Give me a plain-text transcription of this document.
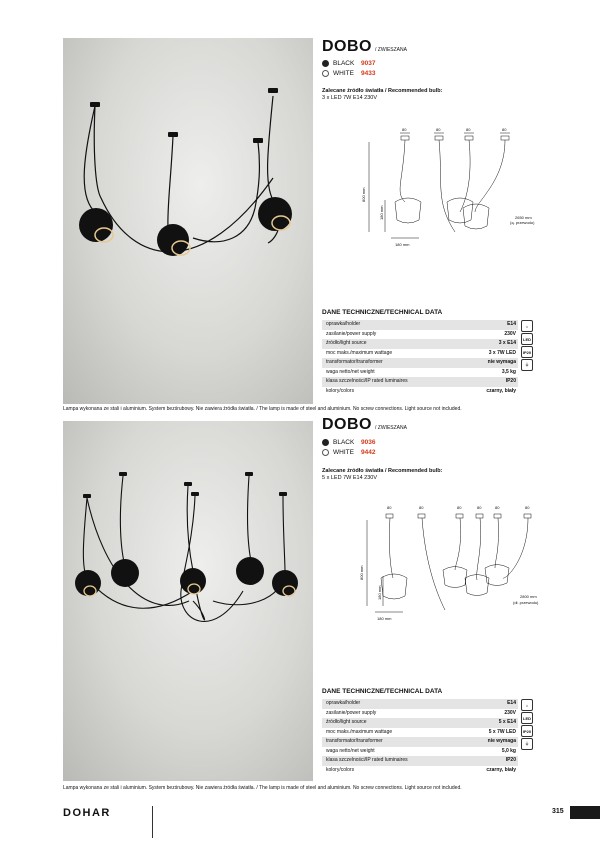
DOBO / ZWIESZANA
BLACK	9037
WHITE	9433
Zalecane źródło światła / Recommended bulb:
3 x LED 7W E14 230V
80	80	80	80
800 mm
180 mm
180 mm
2650 mm
(ą. przewodu)
DANE TECHNICZNE/TECHNICAL DATA
oprawka/holder	E14
zasilanie/power supply	230V
źródło/light source	3 x E14
moc maks./maximum wattage	3 x 7W LED
transformator/transformer	nie wymaga
waga netto/net weight	3,5 kg
klasa szczelności/IP rated luminaires	IP20
kolory/colors	czarny, biały
⌂
LED
IP20
⏚
Lampa wykonana ze stali i aluminium. System bezśrubowy. Nie zawiera źródła światła. / The lamp is made of steel and aluminium. No screw connections. Light source not included.
DOBO / ZWIESZANA
BLACK	9036
WHITE	9442
Zalecane źródło światła / Recommended bulb:
5 x LED 7W E14 230V
80	80	80	80	80	80
800 mm
180 mm
180 mm
2800 mm
(dł. przewodu)
DANE TECHNICZNE/TECHNICAL DATA
oprawka/holder	E14
zasilanie/power supply	230V
źródło/light source	5 x E14
moc maks./maximum wattage	5 x 7W LED
transformator/transformer	nie wymaga
waga netto/net weight	5,0 kg
klasa szczelności/IP rated luminaires	IP20
kolory/colors	czarny, biały
⌂
LED
IP20
⏚
Lampa wykonana ze stali i aluminium. System bezśrubowy. Nie zawiera źródła światła. / The lamp is made of steel and aluminium. No screw connections. Light source not included.
DOHAR	315
